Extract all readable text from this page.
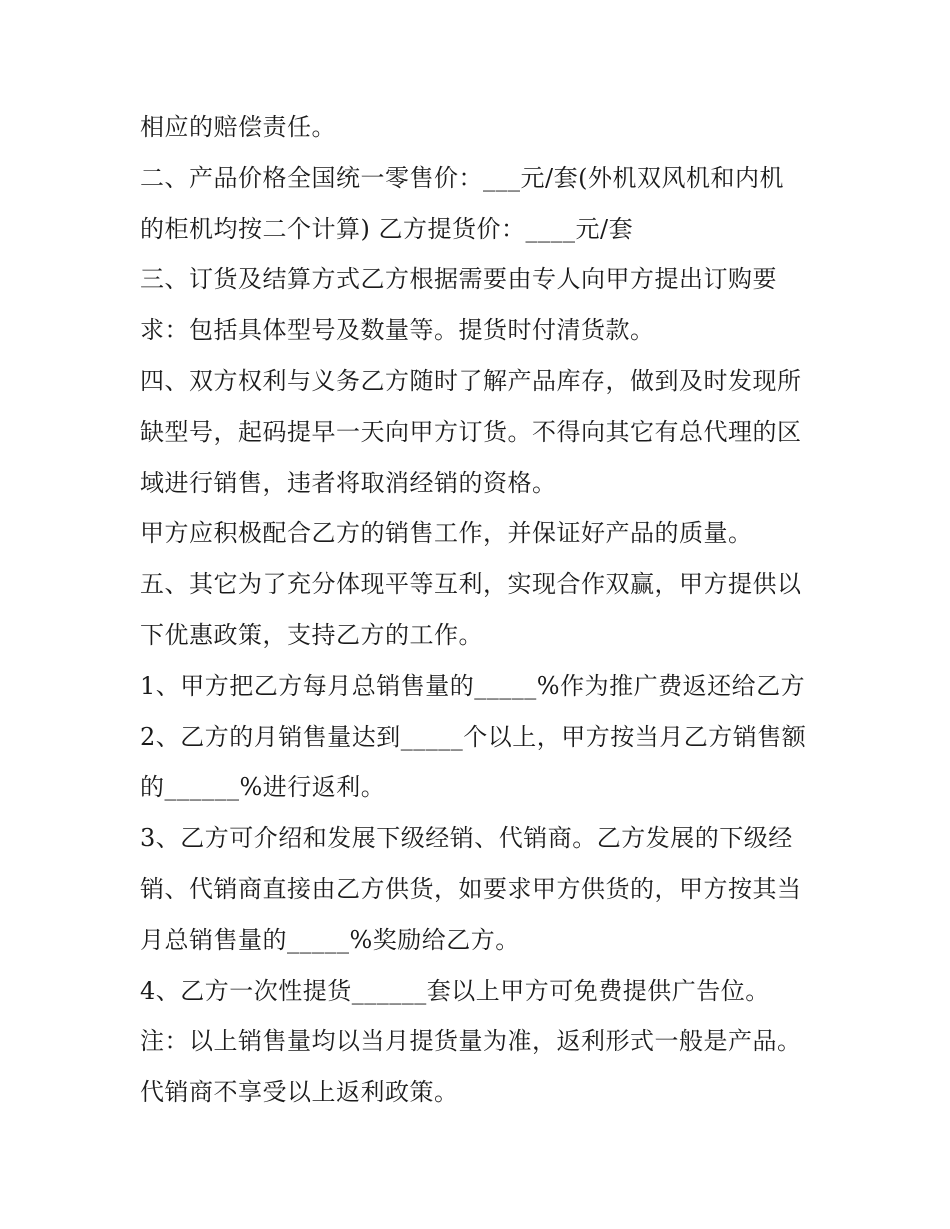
相应的赔偿责任。
二、产品价格全国统一零售价：___元/套(外机双风机和内机
的柜机均按二个计算) 乙方提货价：____元/套
三、订货及结算方式乙方根据需要由专人向甲方提出订购要
求：包括具体型号及数量等。提货时付清货款。
四、双方权利与义务乙方随时了解产品库存，做到及时发现所
缺型号，起码提早一天向甲方订货。不得向其它有总代理的区
域进行销售，违者将取消经销的资格。
甲方应积极配合乙方的销售工作，并保证好产品的质量。
五、其它为了充分体现平等互利，实现合作双赢，甲方提供以
下优惠政策，支持乙方的工作。
1、甲方把乙方每月总销售量的_____%作为推广费返还给乙方
2、乙方的月销售量达到_____个以上，甲方按当月乙方销售额
的______%进行返利。
3、乙方可介绍和发展下级经销、代销商。乙方发展的下级经
销、代销商直接由乙方供货，如要求甲方供货的，甲方按其当
月总销售量的_____%奖励给乙方。
4、乙方一次性提货______套以上甲方可免费提供广告位。
注：以上销售量均以当月提货量为准，返利形式一般是产品。
代销商不享受以上返利政策。
